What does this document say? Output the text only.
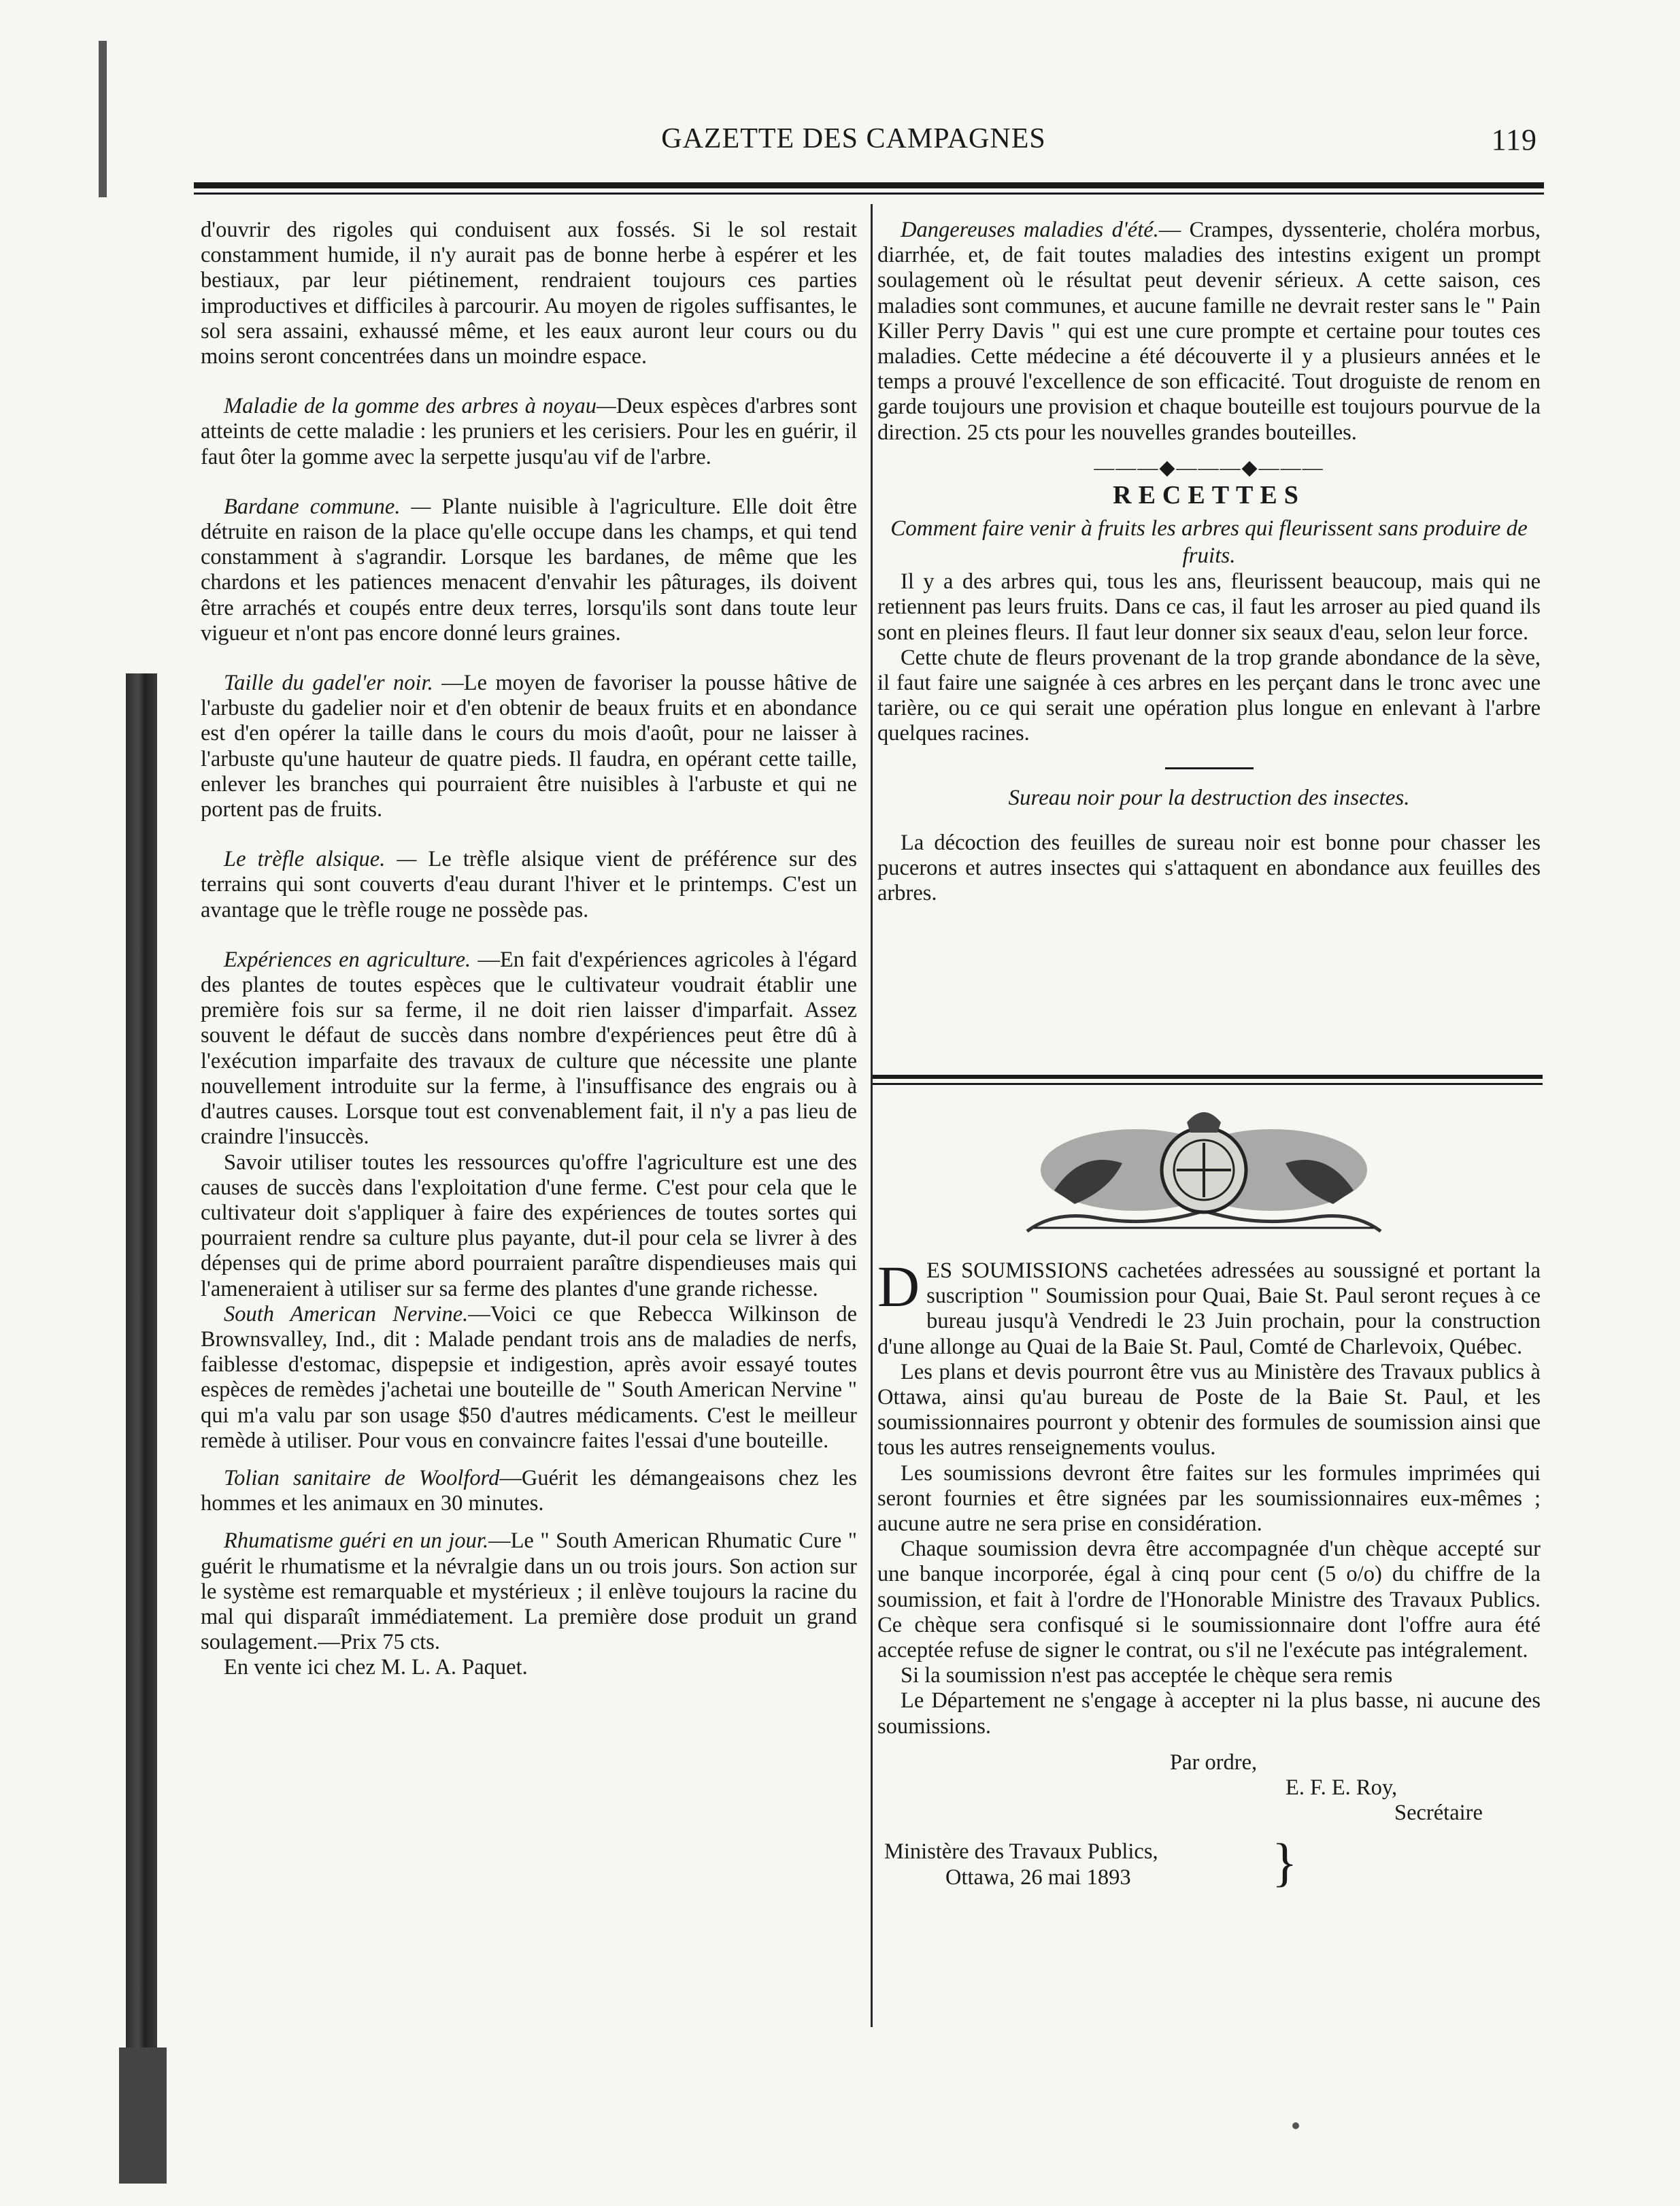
GAZETTE DES CAMPAGNES	119

d'ouvrir des rigoles qui conduisent aux fossés. Si le sol restait constamment humide, il n'y aurait pas de bonne herbe à espérer et les bestiaux, par leur piétinement, rendraient toujours ces parties improductives et difficiles à parcourir. Au moyen de rigoles suffisantes, le sol sera assaini, exhaussé même, et les eaux auront leur cours ou du moins seront concentrées dans un moindre espace.

Maladie de la gomme des arbres à noyau—Deux espèces d'arbres sont atteints de cette maladie : les pruniers et les cerisiers. Pour les en guérir, il faut ôter la gomme avec la serpette jusqu'au vif de l'arbre.

Bardane commune. — Plante nuisible à l'agriculture. Elle doit être détruite en raison de la place qu'elle occupe dans les champs, et qui tend constamment à s'agrandir. Lorsque les bardanes, de même que les chardons et les patiences menacent d'envahir les pâturages, ils doivent être arrachés et coupés entre deux terres, lorsqu'ils sont dans toute leur vigueur et n'ont pas encore donné leurs graines.

Taille du gadel'er noir. —Le moyen de favoriser la pousse hâtive de l'arbuste du gadelier noir et d'en obtenir de beaux fruits et en abondance est d'en opérer la taille dans le cours du mois d'août, pour ne laisser à l'arbuste qu'une hauteur de quatre pieds. Il faudra, en opérant cette taille, enlever les branches qui pourraient être nuisibles à l'arbuste et qui ne portent pas de fruits.

Le trèfle alsique. — Le trèfle alsique vient de préférence sur des terrains qui sont couverts d'eau durant l'hiver et le printemps. C'est un avantage que le trèfle rouge ne possède pas.

Expériences en agriculture. —En fait d'expériences agricoles à l'égard des plantes de toutes espèces que le cultivateur voudrait établir une première fois sur sa ferme, il ne doit rien laisser d'imparfait. Assez souvent le défaut de succès dans nombre d'expériences peut être dû à l'exécution imparfaite des travaux de culture que nécessite une plante nouvellement introduite sur la ferme, à l'insuffisance des engrais ou à d'autres causes. Lorsque tout est convenablement fait, il n'y a pas lieu de craindre l'insuccès.

Savoir utiliser toutes les ressources qu'offre l'agriculture est une des causes de succès dans l'exploitation d'une ferme. C'est pour cela que le cultivateur doit s'appliquer à faire des expériences de toutes sortes qui pourraient rendre sa culture plus payante, dut-il pour cela se livrer à des dépenses qui de prime abord pourraient paraître dispendieuses mais qui l'ameneraient à utiliser sur sa ferme des plantes d'une grande richesse.

South American Nervine.—Voici ce que Rebecca Wilkinson de Brownsvalley, Ind., dit : Malade pendant trois ans de maladies de nerfs, faiblesse d'estomac, dispepsie et indigestion, après avoir essayé toutes espèces de remèdes j'achetai une bouteille de " South American Nervine " qui m'a valu par son usage $50 d'autres médicaments. C'est le meilleur remède à utiliser. Pour vous en convaincre faites l'essai d'une bouteille.

Tolian sanitaire de Woolford—Guérit les démangeaisons chez les hommes et les animaux en 30 minutes.

Rhumatisme guéri en un jour.—Le " South American Rhumatic Cure " guérit le rhumatisme et la névralgie dans un ou trois jours. Son action sur le système est remarquable et mystérieux ; il enlève toujours la racine du mal qui disparaît immédiatement. La première dose produit un grand soulagement.—Prix 75 cts.

En vente ici chez M. L. A. Paquet.

Dangereuses maladies d'été.— Crampes, dyssenterie, choléra morbus, diarrhée, et, de fait toutes maladies des intestins exigent un prompt soulagement où le résultat peut devenir sérieux. A cette saison, ces maladies sont communes, et aucune famille ne devrait rester sans le " Pain Killer Perry Davis " qui est une cure prompte et certaine pour toutes ces maladies. Cette médecine a été découverte il y a plusieurs années et le temps a prouvé l'excellence de son efficacité. Tout droguiste de renom en garde toujours une provision et chaque bouteille est toujours pourvue de la direction. 25 cts pour les nouvelles grandes bouteilles.

———◆———◆———
RECETTES

Comment faire venir à fruits les arbres qui fleurissent sans produire de fruits.

Il y a des arbres qui, tous les ans, fleurissent beaucoup, mais qui ne retiennent pas leurs fruits. Dans ce cas, il faut les arroser au pied quand ils sont en pleines fleurs. Il faut leur donner six seaux d'eau, selon leur force.

Cette chute de fleurs provenant de la trop grande abondance de la sève, il faut faire une saignée à ces arbres en les perçant dans le tronc avec une tarière, ou ce qui serait une opération plus longue en enlevant à l'arbre quelques racines.

Sureau noir pour la destruction des insectes.

La décoction des feuilles de sureau noir est bonne pour chasser les pucerons et autres insectes qui s'attaquent en abondance aux feuilles des arbres.

DES SOUMISSIONS cachetées adressées au soussigné et portant la suscription " Soumission pour Quai, Baie St. Paul seront reçues à ce bureau jusqu'à Vendredi le 23 Juin prochain, pour la construction d'une allonge au Quai de la Baie St. Paul, Comté de Charlevoix, Québec.

Les plans et devis pourront être vus au Ministère des Travaux publics à Ottawa, ainsi qu'au bureau de Poste de la Baie St. Paul, et les soumissionnaires pourront y obtenir des formules de soumission ainsi que tous les autres renseignements voulus.

Les soumissions devront être faites sur les formules imprimées qui seront fournies et être signées par les soumissionnaires eux-mêmes ; aucune autre ne sera prise en considération.

Chaque soumission devra être accompagnée d'un chèque accepté sur une banque incorporée, égal à cinq pour cent (5 o/o) du chiffre de la soumission, et fait à l'ordre de l'Honorable Ministre des Travaux Publics. Ce chèque sera confisqué si le soumissionnaire dont l'offre aura été acceptée refuse de signer le contrat, ou s'il ne l'exécute pas intégralement.

Si la soumission n'est pas acceptée le chèque sera remis

Le Département ne s'engage à accepter ni la plus basse, ni aucune des soumissions.

Par ordre,
E. F. E. Roy,
Secrétaire
Ministère des Travaux Publics, }
Ottawa, 26 mai 1893
